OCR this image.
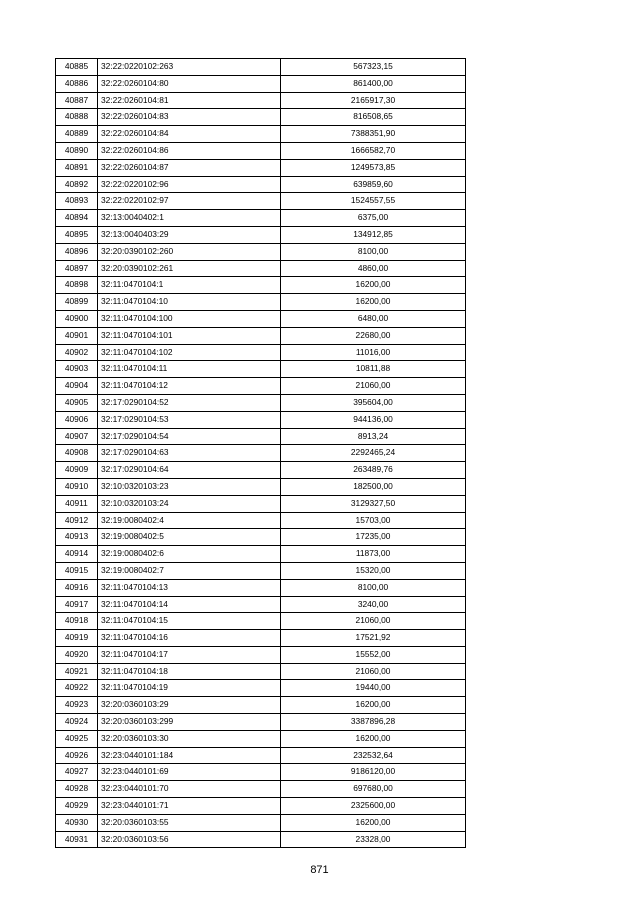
40885	32:22:0220102:263	567323,15
40886	32:22:0260104:80	861400,00
40887	32:22:0260104:81	2165917,30
40888	32:22:0260104:83	816508,65
40889	32:22:0260104:84	7388351,90
40890	32:22:0260104:86	1666582,70
40891	32:22:0260104:87	1249573,85
40892	32:22:0220102:96	639859,60
40893	32:22:0220102:97	1524557,55
40894	32:13:0040402:1	6375,00
40895	32:13:0040403:29	134912,85
40896	32:20:0390102:260	8100,00
40897	32:20:0390102:261	4860,00
40898	32:11:0470104:1	16200,00
40899	32:11:0470104:10	16200,00
40900	32:11:0470104:100	6480,00
40901	32:11:0470104:101	22680,00
40902	32:11:0470104:102	11016,00
40903	32:11:0470104:11	10811,88
40904	32:11:0470104:12	21060,00
40905	32:17:0290104:52	395604,00
40906	32:17:0290104:53	944136,00
40907	32:17:0290104:54	8913,24
40908	32:17:0290104:63	2292465,24
40909	32:17:0290104:64	263489,76
40910	32:10:0320103:23	182500,00
40911	32:10:0320103:24	3129327,50
40912	32:19:0080402:4	15703,00
40913	32:19:0080402:5	17235,00
40914	32:19:0080402:6	11873,00
40915	32:19:0080402:7	15320,00
40916	32:11:0470104:13	8100,00
40917	32:11:0470104:14	3240,00
40918	32:11:0470104:15	21060,00
40919	32:11:0470104:16	17521,92
40920	32:11:0470104:17	15552,00
40921	32:11:0470104:18	21060,00
40922	32:11:0470104:19	19440,00
40923	32:20:0360103:29	16200,00
40924	32:20:0360103:299	3387896,28
40925	32:20:0360103:30	16200,00
40926	32:23:0440101:184	232532,64
40927	32:23:0440101:69	9186120,00
40928	32:23:0440101:70	697680,00
40929	32:23:0440101:71	2325600,00
40930	32:20:0360103:55	16200,00
40931	32:20:0360103:56	23328,00
871
